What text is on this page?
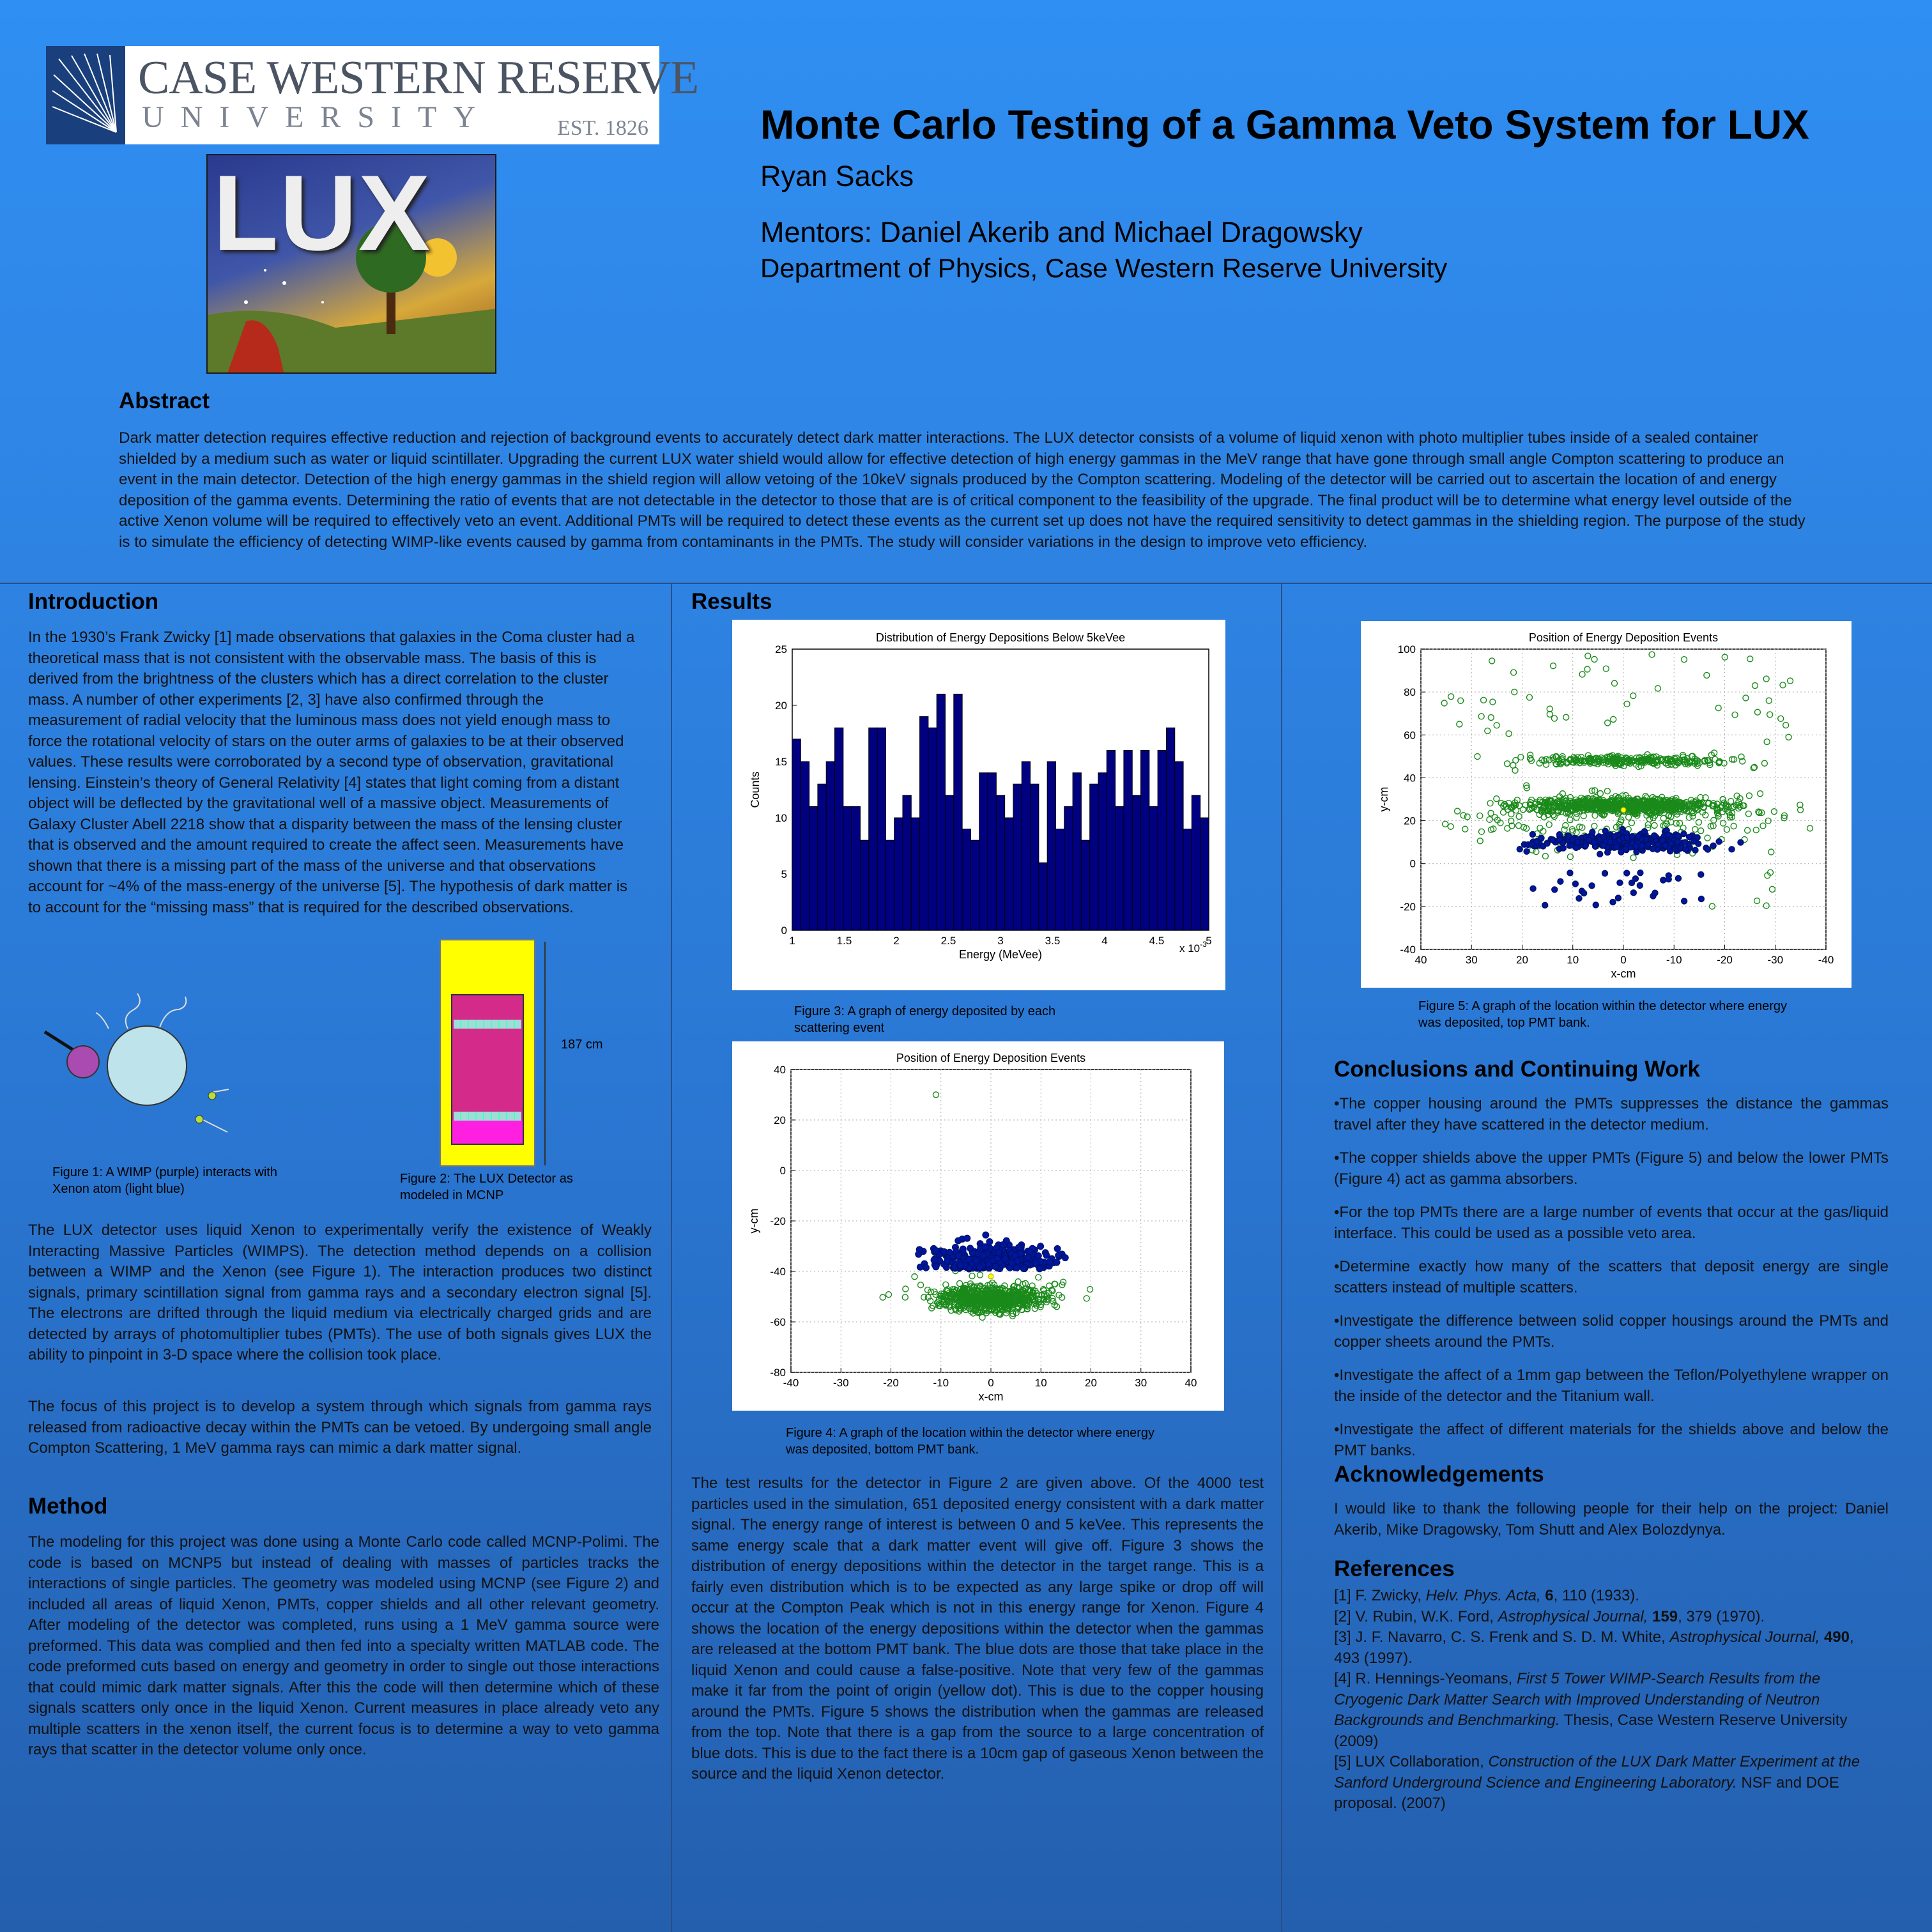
CASE WESTERN RESERVE
UNIVERSITY	EST. 1826
LUX
Monte Carlo Testing of a Gamma Veto System for LUX
Ryan Sacks
Mentors: Daniel Akerib and Michael Dragowsky
Department of Physics, Case Western Reserve University
Abstract
Dark matter detection requires effective reduction and rejection of background events to accurately detect dark matter interactions. The LUX detector consists of a volume of liquid xenon with photo multiplier tubes inside of a sealed container shielded by a medium such as water or liquid scintillater. Upgrading the current LUX water shield would allow for effective detection of high energy gammas in the MeV range that have gone through small angle Compton scattering to produce an event in the main detector. Detection of the high energy gammas in the shield region will allow vetoing of the 10keV signals produced by the Compton scattering. Modeling of the detector will be carried out to ascertain the location of and energy deposition of the gamma events. Determining the ratio of events that are not detectable in the detector to those that are is of critical component to the feasibility of the upgrade. The final product will be to determine what energy level outside of the active Xenon volume will be required to effectively veto an event. Additional PMTs will be required to detect these events as the current set up does not have the required sensitivity to detect gammas in the shielding region. The purpose of the study is to simulate the efficiency of detecting WIMP-like events caused by gamma from contaminants in the PMTs. The study will consider variations in the design to improve veto efficiency.
Introduction
In the 1930’s Frank Zwicky [1] made observations that galaxies in the Coma cluster had a theoretical mass that is not consistent with the observable mass. The basis of this is derived from the brightness of the clusters which has a direct correlation to the cluster mass. A number of other experiments [2, 3] have also confirmed through the measurement of radial velocity that the luminous mass does not yield enough mass to force the rotational velocity of stars on the outer arms of galaxies to be at their observed values. These results were corroborated by a second type of observation, gravitational lensing. Einstein’s theory of General Relativity [4] states that light coming from a distant object will be deflected by the gravitational well of a massive object. Measurements of Galaxy Cluster Abell 2218 show that a disparity between the mass of the lensing cluster that is observed and the amount required to create the affect seen. Measurements have shown that there is a missing part of the mass of the universe and that observations account for ~4% of the mass-energy of the universe [5]. The hypothesis of dark matter is to account for the “missing mass” that is required for the described observations.
Figure 1: A WIMP (purple) interacts with Xenon atom (light blue)
187 cm
Figure 2: The LUX Detector as modeled in MCNP
The LUX detector uses liquid Xenon to experimentally verify the existence of Weakly Interacting Massive Particles (WIMPS). The detection method depends on a collision between a WIMP and the Xenon (see Figure 1). The interaction produces two distinct signals, primary scintillation signal from gamma rays and a secondary electron signal [5]. The electrons are drifted through the liquid medium via electrically charged grids and are detected by arrays of photomultiplier tubes (PMTs). The use of both signals gives LUX the ability to pinpoint in 3-D space where the collision took place.
The focus of this project is to develop a system through which signals from gamma rays released from radioactive decay within the PMTs can be vetoed. By undergoing small angle Compton Scattering, 1 MeV gamma rays can mimic a dark matter signal.
Method
The modeling for this project was done using a Monte Carlo code called MCNP-Polimi. The code is based on MCNP5 but instead of dealing with masses of particles tracks the interactions of single particles. The geometry was modeled using MCNP (see Figure 2) and included all areas of liquid Xenon, PMTs, copper shields and all other relevant geometry. After modeling of the detector was completed, runs using a 1 MeV gamma source were preformed. This data was complied and then fed into a specialty written MATLAB code. The code preformed cuts based on energy and geometry in order to single out those interactions that could mimic dark matter signals. After this the code will then determine which of these signals scatters only once in the liquid Xenon. Current measures in place already veto any multiple scatters in the xenon itself, the current focus is to determine a way to veto gamma rays that scatter in the detector volume only once.
Results
0
5
10
15
20
25
1	1.5	2	2.5	3	3.5	4	4.5	5
Distribution of Energy Depositions Below 5keVee
Energy (MeVee)
Counts
x $10^{-3}$
Figure 3: A graph of energy deposited by each scattering event
-80
-60
-40
-20
0
20
40
-40	-30	-20	-10	0	10	20	30	40
Position of Energy Deposition Events
x-cm
y-cm
Figure 4: A graph of the location within the detector where energy was deposited, bottom PMT bank.
The test results for the detector in Figure 2 are given above. Of the 4000 test particles used in the simulation, 651 deposited energy consistent with a dark matter signal. The energy range of interest is between 0 and 5 keVee. This represents the same energy scale that a dark matter event will give off. Figure 3 shows the distribution of energy depositions within the detector in the target range. This is a fairly even distribution which is to be expected as any large spike or drop off will occur at the Compton Peak which is not in this energy range for Xenon. Figure 4 shows the location of the energy depositions within the detector when the gammas are released at the bottom PMT bank. The blue dots are those that take place in the liquid Xenon and could cause a false-positive. Note that very few of the gammas make it far from the point of origin (yellow dot). This is due to the copper housing around the PMTs. Figure 5 shows the distribution when the gammas are released from the top. Note that there is a gap from the source to a large concentration of blue dots. This is due to the fact there is a 10cm gap of gaseous Xenon between the source and the liquid Xenon detector.
-40
-20
0
20
40
60
80
100
40	30	20	10	0	-10	-20	-30	-40
Position of Energy Deposition Events
x-cm
y-cm
Figure 5: A graph of the location within the detector where energy was deposited, top PMT bank.
Conclusions and Continuing Work

•The copper housing around the PMTs suppresses the distance the gammas travel after they have scattered in the detector medium.

•The copper shields above the upper PMTs (Figure 5) and below the lower PMTs (Figure 4) act as gamma absorbers.

•For the top PMTs there are a large number of events that occur at the gas/liquid interface. This could be used as a possible veto area.

•Determine exactly how many of the scatters that deposit energy are single scatters instead of multiple scatters.

•Investigate the difference between solid copper housings around the PMTs and copper sheets around the PMTs.

•Investigate the affect of a 1mm gap between the Teflon/Polyethylene wrapper on the inside of the detector and the Titanium wall.

•Investigate the affect of different materials for the shields above and below the PMT banks.

Acknowledgements
I would like to thank the following people for their help on the project: Daniel Akerib, Mike Dragowsky, Tom Shutt and Alex Bolozdynya.
References

[1] F. Zwicky, Helv. Phys. Acta, 6, 110 (1933).

[2] V. Rubin, W.K. Ford, Astrophysical Journal, 159, 379 (1970).

[3] J. F. Navarro, C. S. Frenk and S. D. M. White, Astrophysical Journal, 490, 493 (1997).

[4] R. Hennings-Yeomans, First 5 Tower WIMP-Search Results from the Cryogenic Dark Matter Search with Improved Understanding of Neutron Backgrounds and Benchmarking. Thesis, Case Western Reserve University (2009)

[5] LUX Collaboration, Construction of the LUX Dark Matter Experiment at the Sanford Underground Science and Engineering Laboratory. NSF and DOE proposal. (2007)
